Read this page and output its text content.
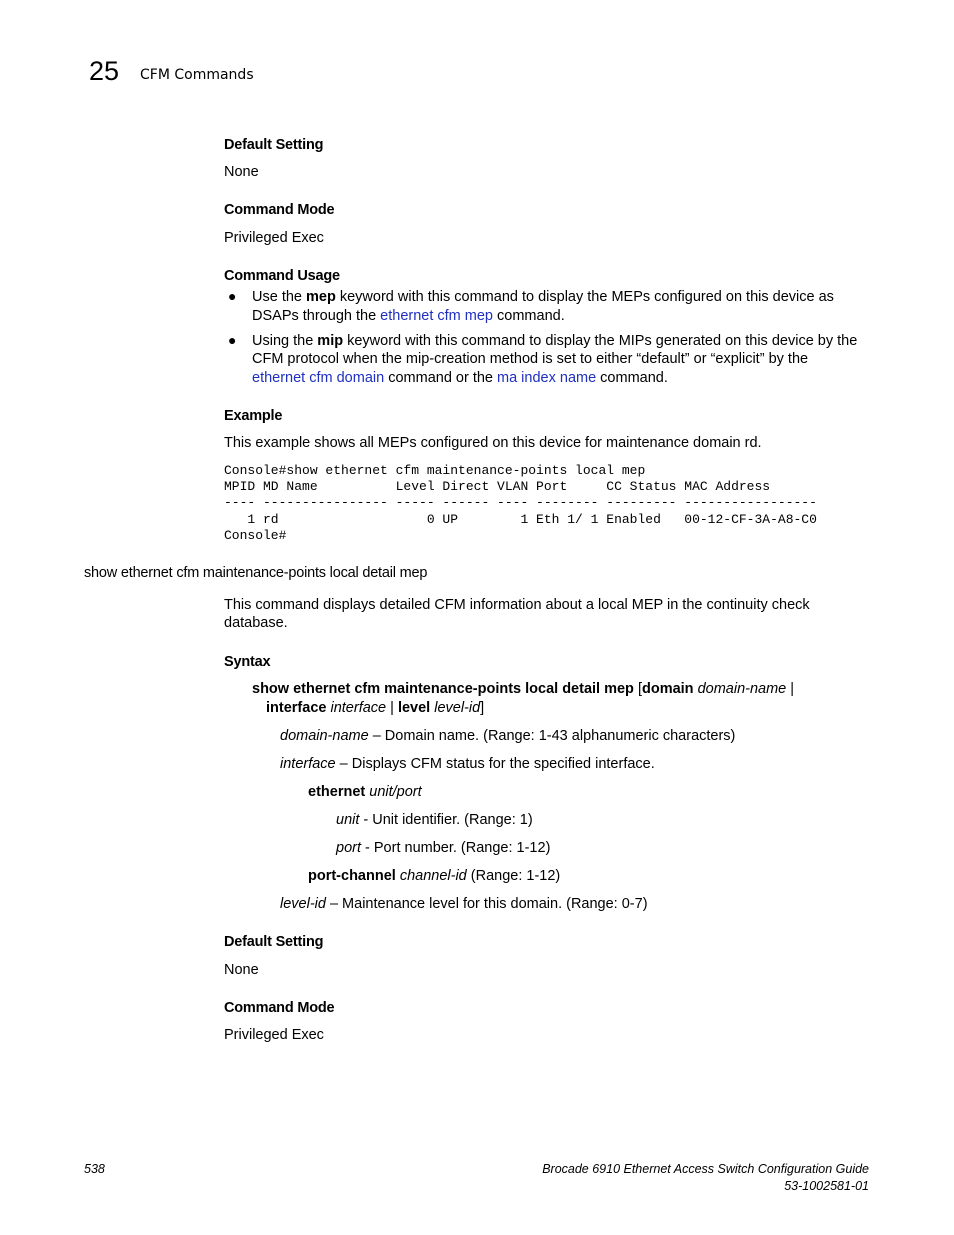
25 CFM Commands
Default Setting
None
Command Mode
Privileged Exec
Command Usage
● Use the mep keyword with this command to display the MEPs configured on this device as
DSAPs through the ethernet cfm mep command.
● Using the mip keyword with this command to display the MIPs generated on this device by the
CFM protocol when the mip-creation method is set to either “default” or “explicit” by the
ethernet cfm domain command or the ma index name command.
Example
This example shows all MEPs configured on this device for maintenance domain rd.
Console#show ethernet cfm maintenance-points local mep
MPID MD Name          Level Direct VLAN Port     CC Status MAC Address
---- ---------------- ----- ------ ---- -------- --------- -----------------
1 rd                   0 UP        1 Eth 1/ 1 Enabled   00-12-CF-3A-A8-C0
Console#
show ethernet cfm maintenance-points local detail mep
This command displays detailed CFM information about a local MEP in the continuity check
database.
Syntax
show ethernet cfm maintenance-points local detail mep [domain domain-name |
interface interface | level level-id]
domain-name – Domain name. (Range: 1-43 alphanumeric characters)
interface – Displays CFM status for the specified interface.
ethernet unit/port
unit - Unit identifier. (Range: 1)
port - Port number. (Range: 1-12)
port-channel channel-id (Range: 1-12)
level-id – Maintenance level for this domain. (Range: 0-7)
Default Setting
None
Command Mode
Privileged Exec
538	Brocade 6910 Ethernet Access Switch Configuration Guide
53-1002581-01
